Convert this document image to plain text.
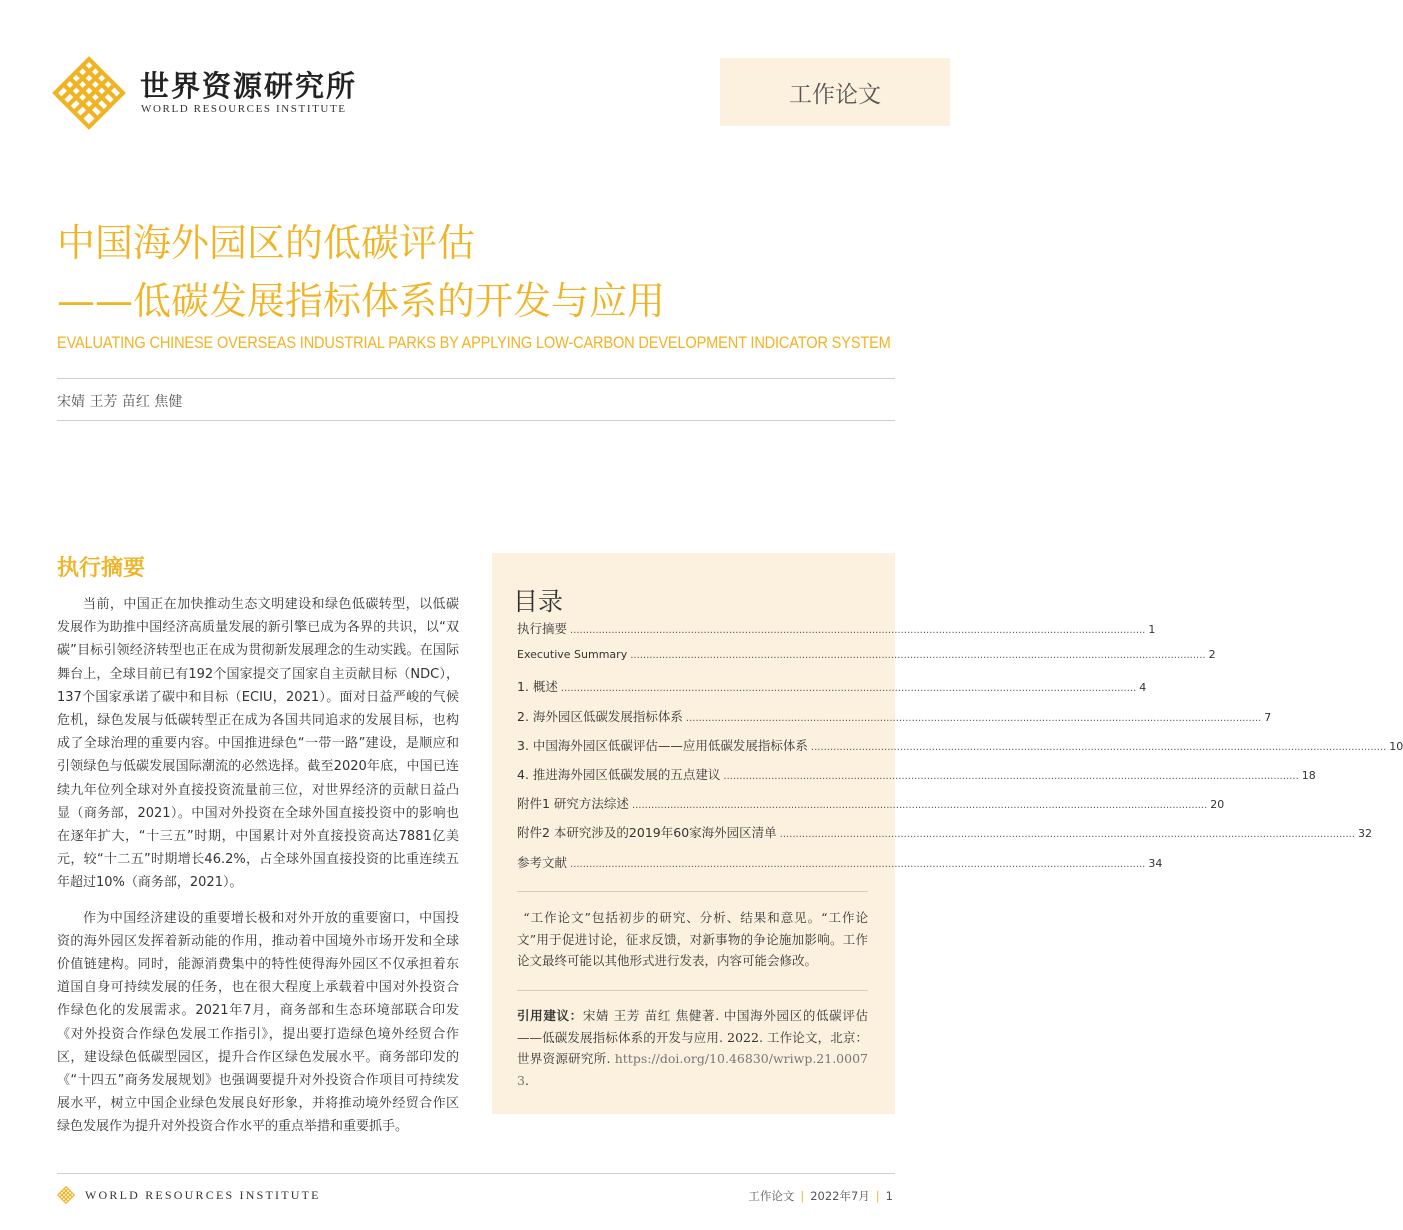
世界资源研究所
WORLD RESOURCES INSTITUTE
工作论文
中国海外园区的低碳评估
——低碳发展指标体系的开发与应用
EVALUATING CHINESE OVERSEAS INDUSTRIAL PARKS BY APPLYING LOW-CARBON DEVELOPMENT INDICATOR SYSTEM
宋婧 王芳 苗红 焦健
执行摘要

当前，中国正在加快推动生态文明建设和绿色低碳转型，以低碳发展作为助推中国经济高质量发展的新引擎已成为各界的共识，以“双碳”目标引领经济转型也正在成为贯彻新发展理念的生动实践。在国际舞台上，全球目前已有192个国家提交了国家自主贡献目标（NDC），137个国家承诺了碳中和目标（ECIU，2021）。面对日益严峻的气候危机，绿色发展与低碳转型正在成为各国共同追求的发展目标，也构成了全球治理的重要内容。中国推进绿色“一带一路”建设，是顺应和引领绿色与低碳发展国际潮流的必然选择。截至2020年底，中国已连续九年位列全球对外直接投资流量前三位，对世界经济的贡献日益凸显（商务部，2021）。中国对外投资在全球外国直接投资中的影响也在逐年扩大，“十三五”时期，中国累计对外直接投资高达7881亿美元，较“十二五”时期增长46.2%，占全球外国直接投资的比重连续五年超过10%（商务部，2021）。

作为中国经济建设的重要增长极和对外开放的重要窗口，中国投资的海外园区发挥着新动能的作用，推动着中国境外市场开发和全球价值链建构。同时，能源消费集中的特性使得海外园区不仅承担着东道国自身可持续发展的任务，也在很大程度上承载着中国对外投资合作绿色化的发展需求。2021年7月，商务部和生态环境部联合印发《对外投资合作绿色发展工作指引》，提出要打造绿色境外经贸合作区，建设绿色低碳型园区，提升合作区绿色发展水平。商务部印发的《“十四五”商务发展规划》也强调要提升对外投资合作项目可持续发展水平，树立中国企业绿色发展良好形象，并将推动境外经贸合作区绿色发展作为提升对外投资合作水平的重点举措和重要抓手。

目录
执行摘要 ..................................................................................................................................................................................... 1
Executive Summary ..................................................................................................................................................................................... 2
1. 概述 ..................................................................................................................................................................................... 4
2. 海外园区低碳发展指标体系 ..................................................................................................................................................................................... 7
3. 中国海外园区低碳评估——应用低碳发展指标体系 ..................................................................................................................................................................................... 10
4. 推进海外园区低碳发展的五点建议 ..................................................................................................................................................................................... 18
附件1 研究方法综述 ..................................................................................................................................................................................... 20
附件2 本研究涉及的2019年60家海外园区清单 ..................................................................................................................................................................................... 32
参考文献 ..................................................................................................................................................................................... 34

“工作论文”包括初步的研究、分析、结果和意见。“工作论文”用于促进讨论，征求反馈，对新事物的争论施加影响。工作论文最终可能以其他形式进行发表，内容可能会修改。

引用建议：宋婧 王芳 苗红 焦健著. 中国海外园区的低碳评估——低碳发展指标体系的开发与应用. 2022. 工作论文，北京：世界资源研究所. https://doi.org/10.46830/wriwp.21.00073.
WORLD RESOURCES INSTITUTE	工作论文 | 2022年7月 | 1
